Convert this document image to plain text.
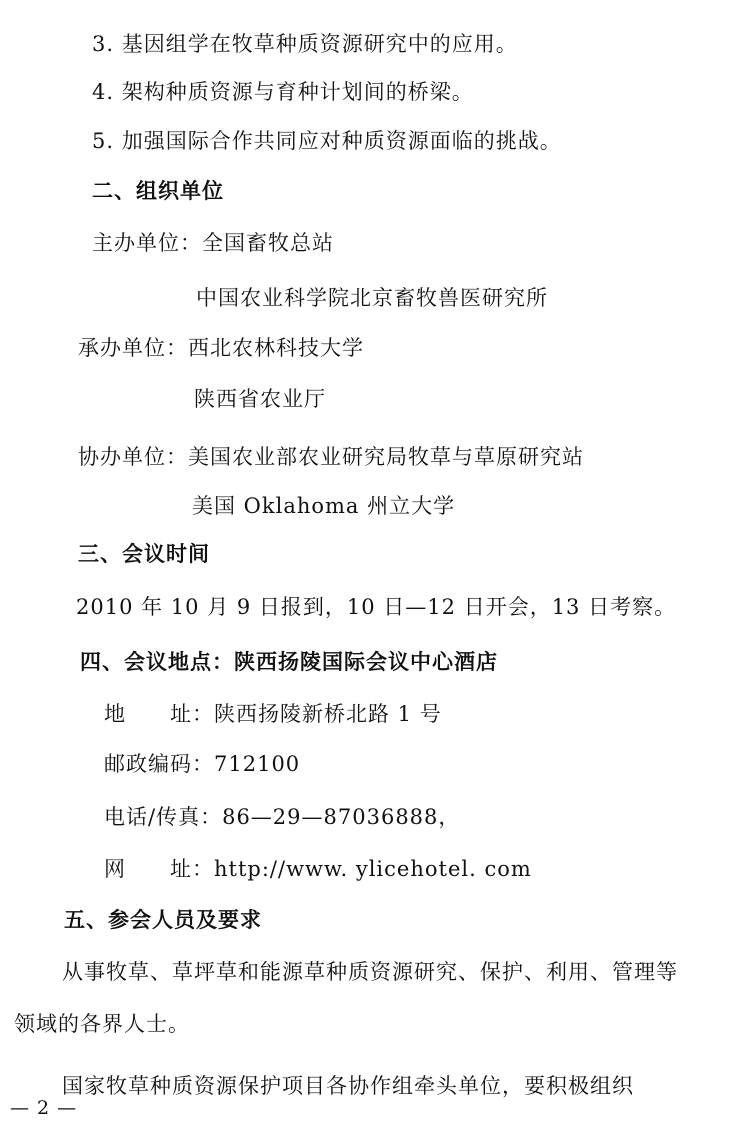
3. 基因组学在牧草种质资源研究中的应用。
4. 架构种质资源与育种计划间的桥梁。
5. 加强国际合作共同应对种质资源面临的挑战。
二、组织单位
主办单位：全国畜牧总站
中国农业科学院北京畜牧兽医研究所
承办单位：西北农林科技大学
陕西省农业厅
协办单位：美国农业部农业研究局牧草与草原研究站
美国 Oklahoma 州立大学
三、会议时间
2010 年 10 月 9 日报到，10 日—12 日开会，13 日考察。
四、会议地点：陕西扬陵国际会议中心酒店
地　　址：陕西扬陵新桥北路 1 号
邮政编码：712100
电话/传真：86—29—87036888，
网　　址：http://www. ylicehotel. com
五、参会人员及要求
从事牧草、草坪草和能源草种质资源研究、保护、利用、管理等
领域的各界人士。
国家牧草种质资源保护项目各协作组牵头单位，要积极组织
— 2 —
